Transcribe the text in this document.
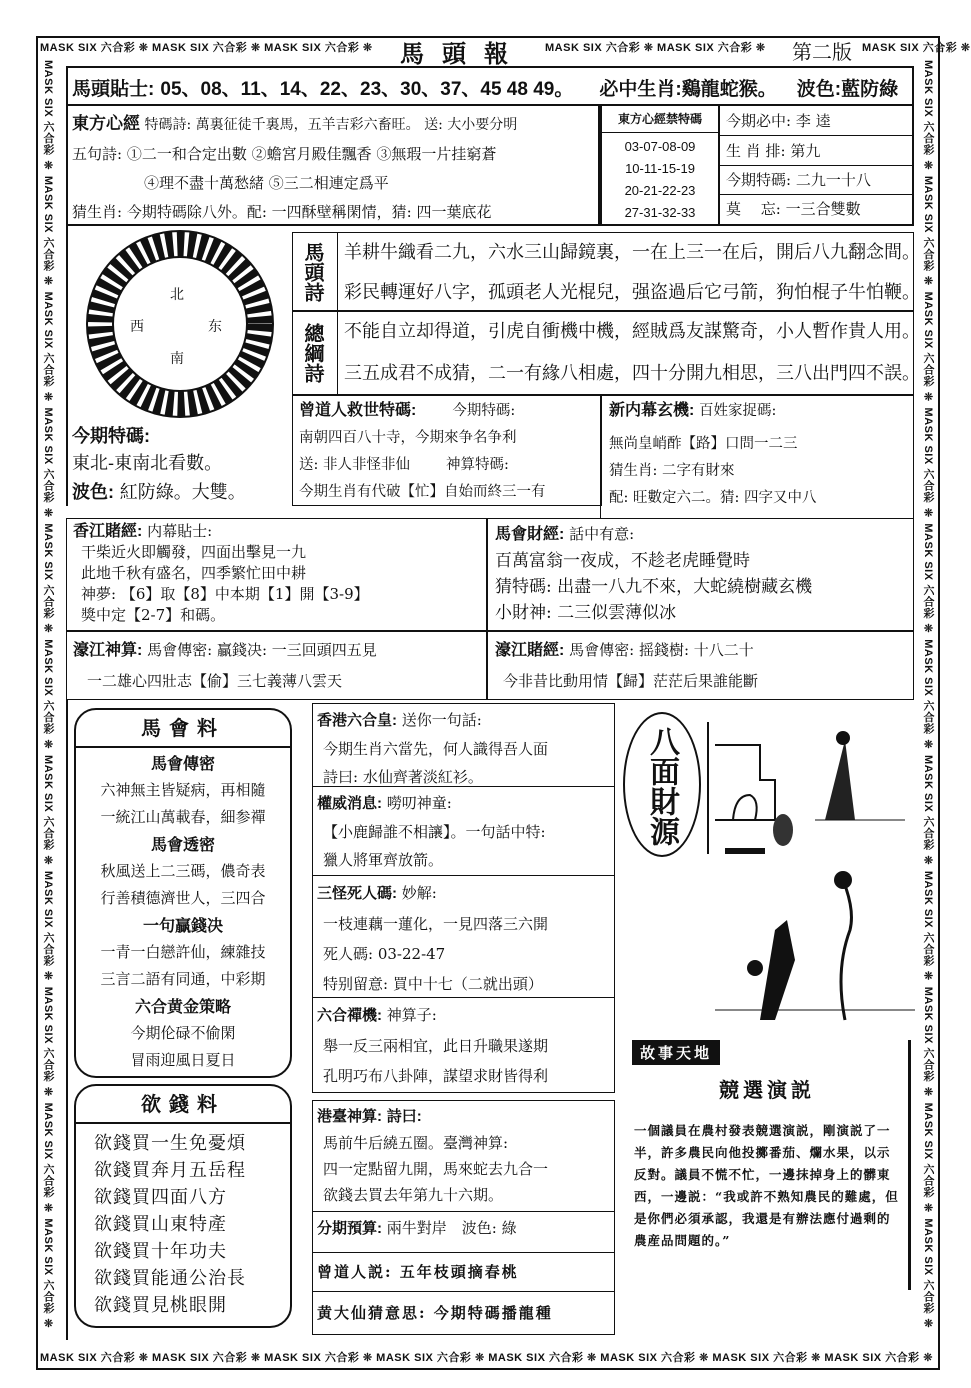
MASK SIX 六合彩 ❊ MASK SIX 六合彩 ❊ MASK SIX 六合彩 ❊	馬頭報 MASK SIX 六合彩 ❊ MASK SIX 六合彩 ❊	第二版 MASK SIX 六合彩 ❊
MASK SIX 六合彩 ❊ MASK SIX 六合彩 ❊ MASK SIX 六合彩 ❊ MASK SIX 六合彩 ❊ MASK SIX 六合彩 ❊ MASK SIX 六合彩 ❊ MASK SIX 六合彩 ❊ MASK SIX 六合彩 ❊
MASK SIX 六合彩 ❊ MASK SIX 六合彩 ❊ MASK SIX 六合彩 ❊ MASK SIX 六合彩 ❊ MASK SIX 六合彩 ❊ MASK SIX 六合彩 ❊ MASK SIX 六合彩 ❊ MASK SIX 六合彩 ❊ MASK SIX 六合彩 ❊ MASK SIX 六合彩 ❊ MASK SIX 六合彩 ❊	MASK SIX 六合彩 ❊ MASK SIX 六合彩 ❊ MASK SIX 六合彩 ❊ MASK SIX 六合彩 ❊ MASK SIX 六合彩 ❊ MASK SIX 六合彩 ❊ MASK SIX 六合彩 ❊ MASK SIX 六合彩 ❊ MASK SIX 六合彩 ❊ MASK SIX 六合彩 ❊ MASK SIX 六合彩 ❊
馬頭貼士: 05、08、11、14、22、23、30、37、45 48 49。 必中生肖:鷄龍蛇猴。 波色:藍防綠
東方心經 特碼詩: 萬裏征徒千裏馬，五羊吉彩六畜旺。 送: 大小要分明
五句詩: ①二一和合定出數 ②蟾宮月殿佳飄香 ③無瑕一片挂窮蒼
④理不盡十萬愁緒 ⑤三二相連定爲平
猜生肖: 今期特碼除八外。配: 一四酥壁稱閑情，猜: 四一葉底花
東方心經禁特碼
03-07-08-09
10-11-15-19
20-21-22-23
27-31-32-33
今期必中: 李 逵
生 肖 排: 第九
今期特碼: 二九一十八
莫　 忘: 一三合雙數
北
西	东
南
今期特碼:
東北-東南北看數。
波色: 紅防綠。大雙。
馬頭詩	羊耕牛織看二九，六水三山歸鏡裏，一在上三一在后，開后八九翻念間。
彩民轉運好八字，孤頭老人光棍兒，强盗過后它弓箭，狗怕棍子牛怕鞭。
總綱詩	不能自立却得道，引虎自衝機中機，經賊爲友謀驚奇，小人暫作貴人用。
三五成君不成猜，二一有緣八相處，四十分開九相思，三八出門四不誤。
曾道人救世特碼: 今期特碼:
南朝四百八十寺，今期來争名争利
送: 非人非怪非仙 神算特碼:
今期生肖有代破【忙】自始而終三一有
新内幕玄機: 百姓家捉碼:
無尚皇峭酢【路】口問一二三
猜生肖: 二字有財來
配: 旺數定六二。猜: 四字又中八
香江賭經: 内幕貼士:
干柴近火即觸發，四面出擊見一九
此地千秋有盛名，四季繁忙田中耕
神夢: 【6】取【8】中本期【1】開【3-9】
獎中定【2-7】和碼。
馬會財經: 話中有意:
百萬富翁一夜成，不趁老虎睡覺時
猜特碼: 出盡一八九不來，大蛇繞樹藏玄機
小財神: 二三似雲薄似冰
濠江神算: 馬會傳密: 贏錢决: 一三回頭四五見
一二雄心四壯志【偷】三七義薄八雲天
濠江賭經: 馬會傳密: 摇錢樹: 十八二十
今非昔比動用情【歸】茫茫后果誰能斷
馬會料
馬會傳密
六神無主皆疑病，再相隨
一統江山萬載春，細参禪
馬會透密
秋風送上二三碼，儂奇表
行善積德濟世人，三四合
一句贏錢决
一青一白戀許仙，練雜技
三言二語有同通，中彩期
六合黄金策略
今期伦碌不偷閑
冒雨迎風日夏日
欲錢料
欲錢買一生免憂煩
欲錢買奔月五岳程
欲錢買四面八方
欲錢買山東特產
欲錢買十年功夫
欲錢買能通公治長
欲錢買見桃眼開
香港六合皇: 送你一句話:

今期生肖六當先，何人識得吾人面

詩曰: 水仙齊著淡紅衫。

權威消息: 嘮叨神童:

【小鹿歸誰不相讓】。一句話中特:

獵人將軍齊放箭。

三怪死人碼: 妙解:

一枝連藕一蓮化，一見四落三六開

死人碼: 03-22-47

特别留意: 買中十七（二就出頭）

六合禪機: 神算子:

舉一反三兩相宜，此日升職果遂期

孔明巧布八卦陣，謀望求財皆得利

港臺神算: 詩曰:

馬前牛后繞五圈。臺灣神算:

四一定點留九開，馬來蛇去九合一

欲錢去買去年第九十六期。

分期預算: 兩牛對岸　波色: 綠
曾道人説: 五年枝頭摘春桃
黄大仙猜意思: 今期特碼播龍種
八面財源
故事天地
競選演説
一個議員在農村發表競選演説，剛演説了一半，許多農民向他投擲番茄、爛水果，以示反對。議員不慌不忙，一邊抹掉身上的髒東西，一邊説：“我或許不熟知農民的難處，但是你們必須承認，我還是有辦法應付過剩的農産品問題的。”
